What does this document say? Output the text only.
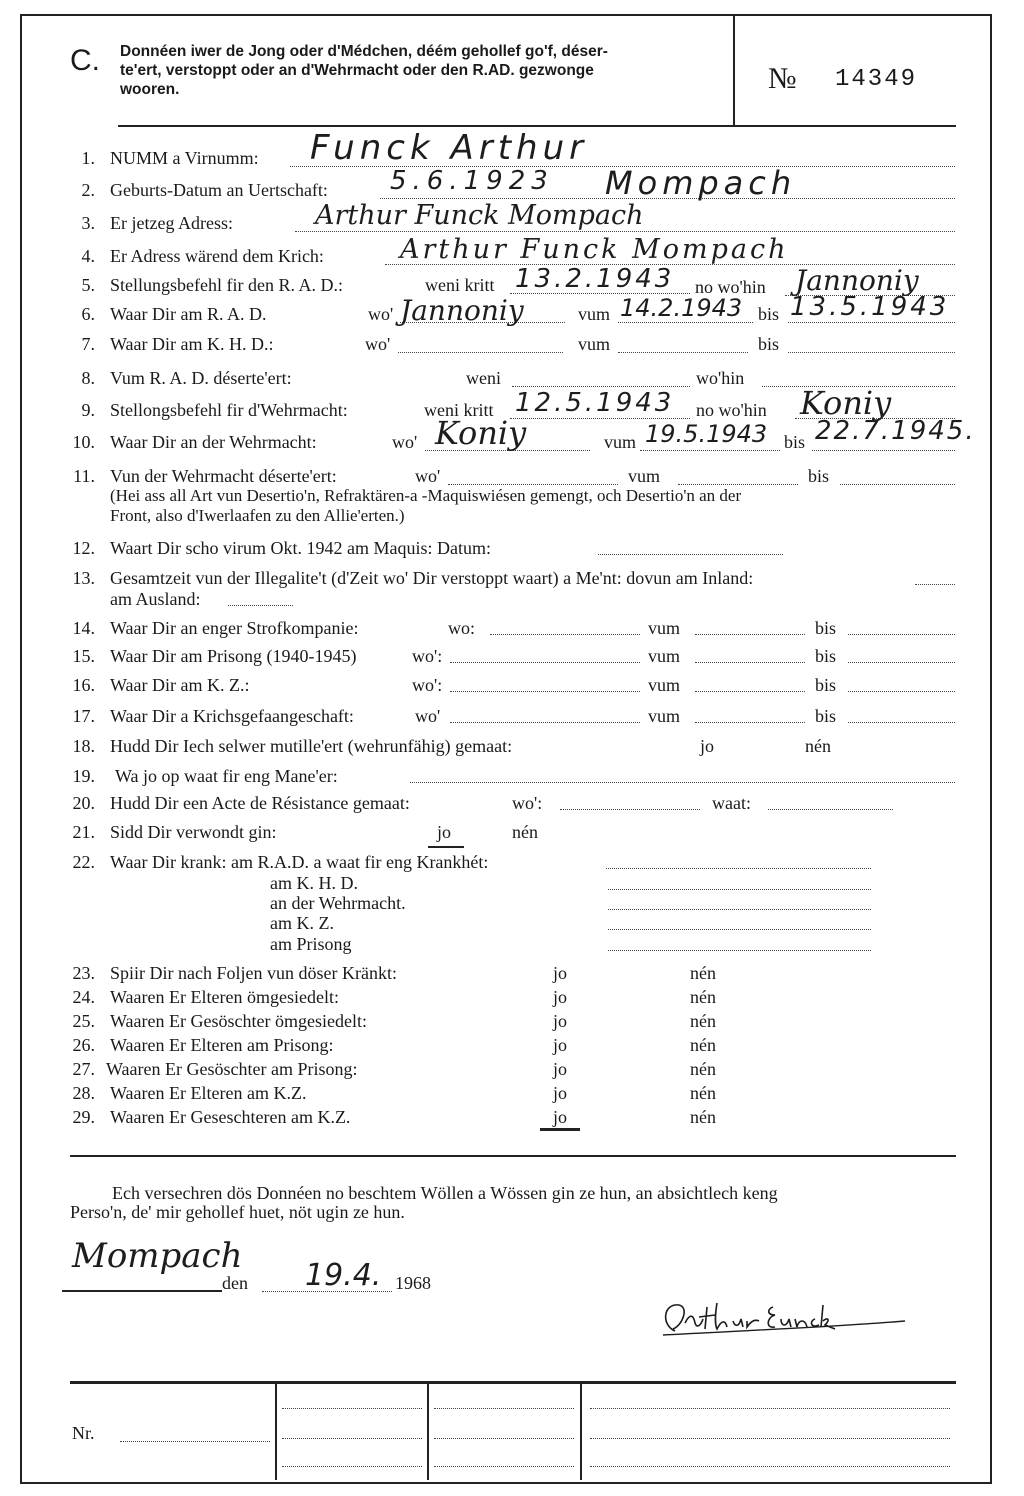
C. Donnéen iwer de Jong oder d'Médchen, déém gehollef go'f, déser-
te'ert, verstoppt oder an d'Wehrmacht oder den R.AD. gezwonge
wooren.	№ 14349
1. NUMM a Virnumm: Funck Arthur
2. Geburts-Datum an Uertschaft: 5.6.1923 Mompach
3. Er jetzeg Adress:	Arthur Funck Mompach
4. Er Adress wärend dem Krich:	Arthur Funck Mompach
5. Stellungsbefehl fir den R. A. D.:	weni kritt 13.2.1943 no wo'hin Jannoniy
6. Waar Dir am R. A. D.	wo' Jannoniy	vum 14.2.1943 bis 13.5.1943
7. Waar Dir am K. H. D.:	wo'	vum	bis
8. Vum R. A. D. déserte'ert:	weni	wo'hin
9. Stellongsbefehl fir d'Wehrmacht:	weni kritt 12.5.1943 no wo'hin Koniy
10. Waar Dir an der Wehrmacht:	wo' Koniy	vum 19.5.1943 bis 22.7.1945.
11. Vun der Wehrmacht déserte'ert:	wo'	vum	bis
(Hei ass all Art vun Desertio'n, Refraktären-a -Maquiswiésen gemengt, och Desertio'n an der
Front, also d'Iwerlaafen zu den Allie'erten.)
12. Waart Dir scho virum Okt. 1942 am Maquis: Datum:
13. Gesamtzeit vun der Illegalite't (d'Zeit wo' Dir verstoppt waart) a Me'nt: dovun am Inland:
am Ausland:
14. Waar Dir an enger Strofkompanie:	wo:	vum	bis
15. Waar Dir am Prisong (1940-1945)	wo':	vum	bis
16. Waar Dir am K. Z.:	wo':	vum	bis
17. Waar Dir a Krichsgefaangeschaft:	wo'	vum	bis
18. Hudd Dir Iech selwer mutille'ert (wehrunfähig) gemaat:	jo	nén
19. Wa jo op waat fir eng Mane'er:
20. Hudd Dir een Acte de Résistance gemaat:	wo':	waat:
21. Sidd Dir verwondt gin:	jo	nén
22. Waar Dir krank: am R.A.D. a waat fir eng Krankhét:
am K. H. D.
an der Wehrmacht.
am K. Z.
am Prisong
23. Spiir Dir nach Foljen vun döser Kränkt:	jo	nén
24. Waaren Er Elteren ömgesiedelt:	jo	nén
25. Waaren Er Gesöschter ömgesiedelt:	jo	nén
26. Waaren Er Elteren am Prisong:	jo	nén
27. Waaren Er Gesöschter am Prisong:	jo	nén
28. Waaren Er Elteren am K.Z.	jo	nén
29. Waaren Er Geseschteren am K.Z.	jo	nén
Ech versechren dös Donnéen no beschtem Wöllen a Wössen gin ze hun, an absichtlech keng
Perso'n, de' mir gehollef huet, nöt ugin ze hun.
Mompach
den 19.4. 1968
Nr.
